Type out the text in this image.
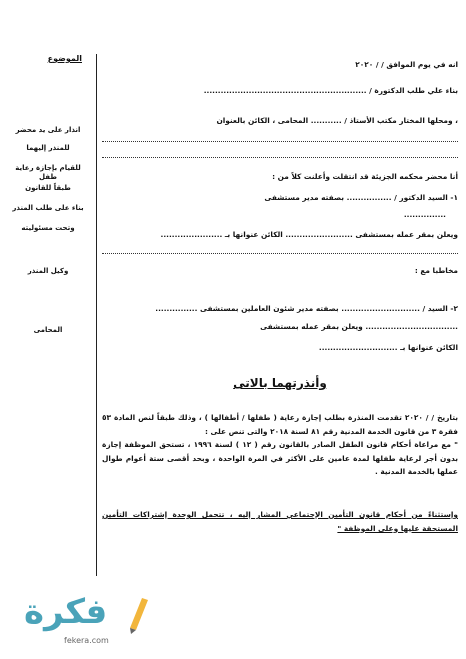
الموضوع
انذار على يد محضر
للمنذر إليهما
للقيام بإجازة رعاية طفل
طبقاً للقانون
بناء على طلب المنذر
وتحت مسئوليته
وكيل المنذر
المحامى
انه في يوم الموافق / / ٢٠٢٠
بناء علي طلب الدكتورة / ..........................................................
، ومحلها المختار مكتب الأستاذ / ........... المحامى ، الكائن بالعنوان
أنا محضر محكمه الجزيئة قد انتقلت وأعلنت كلاً من :
١- السيد الدكتور / ................ بصفته مدير مستشفى
...............
ويعلن بمقر عمله بمستشفى ........................ الكائن عنوانها بـ ......................
مخاطبا مع :
٢- السيد / ............................ بصفته مدير شئون العاملين بمستشفى ...............
................................. ويعلن بمقر عمله بمستشفى
الكائن عنوانها بـ ............................
وأنذرتهما بالاتى
بتاريخ / / ٢٠٢٠ تقدمت المنذرة بطلب إجازة رعاية ( طفلها / أطفالها ) ، وذلك طبقاً لنص المادة ٥٣ فقرة ٣ من قانون الخدمة المدنية رقم ٨١ لسنة ٢٠١٨ والتى تنص على :
" مع مراعاة أحكام قانون الطفل الصادر بالقانون رقم ( ١٢ ) لسنة ١٩٩٦ ، تستحق الموظفة إجازة بدون أجر لرعاية طفلها لمدة عامين على الأكثر في المرة الواحدة ، وبحد أقصى ستة أعوام طوال عملها بالخدمة المدنية .
وإستثناءً من أحكام قانون التأمين الإجتماعي المشار إليه ، تتحمل الوحدة إشتراكات التأمين المستحقة عليها وعلى الموظفة "
فكرة
fekera.com
